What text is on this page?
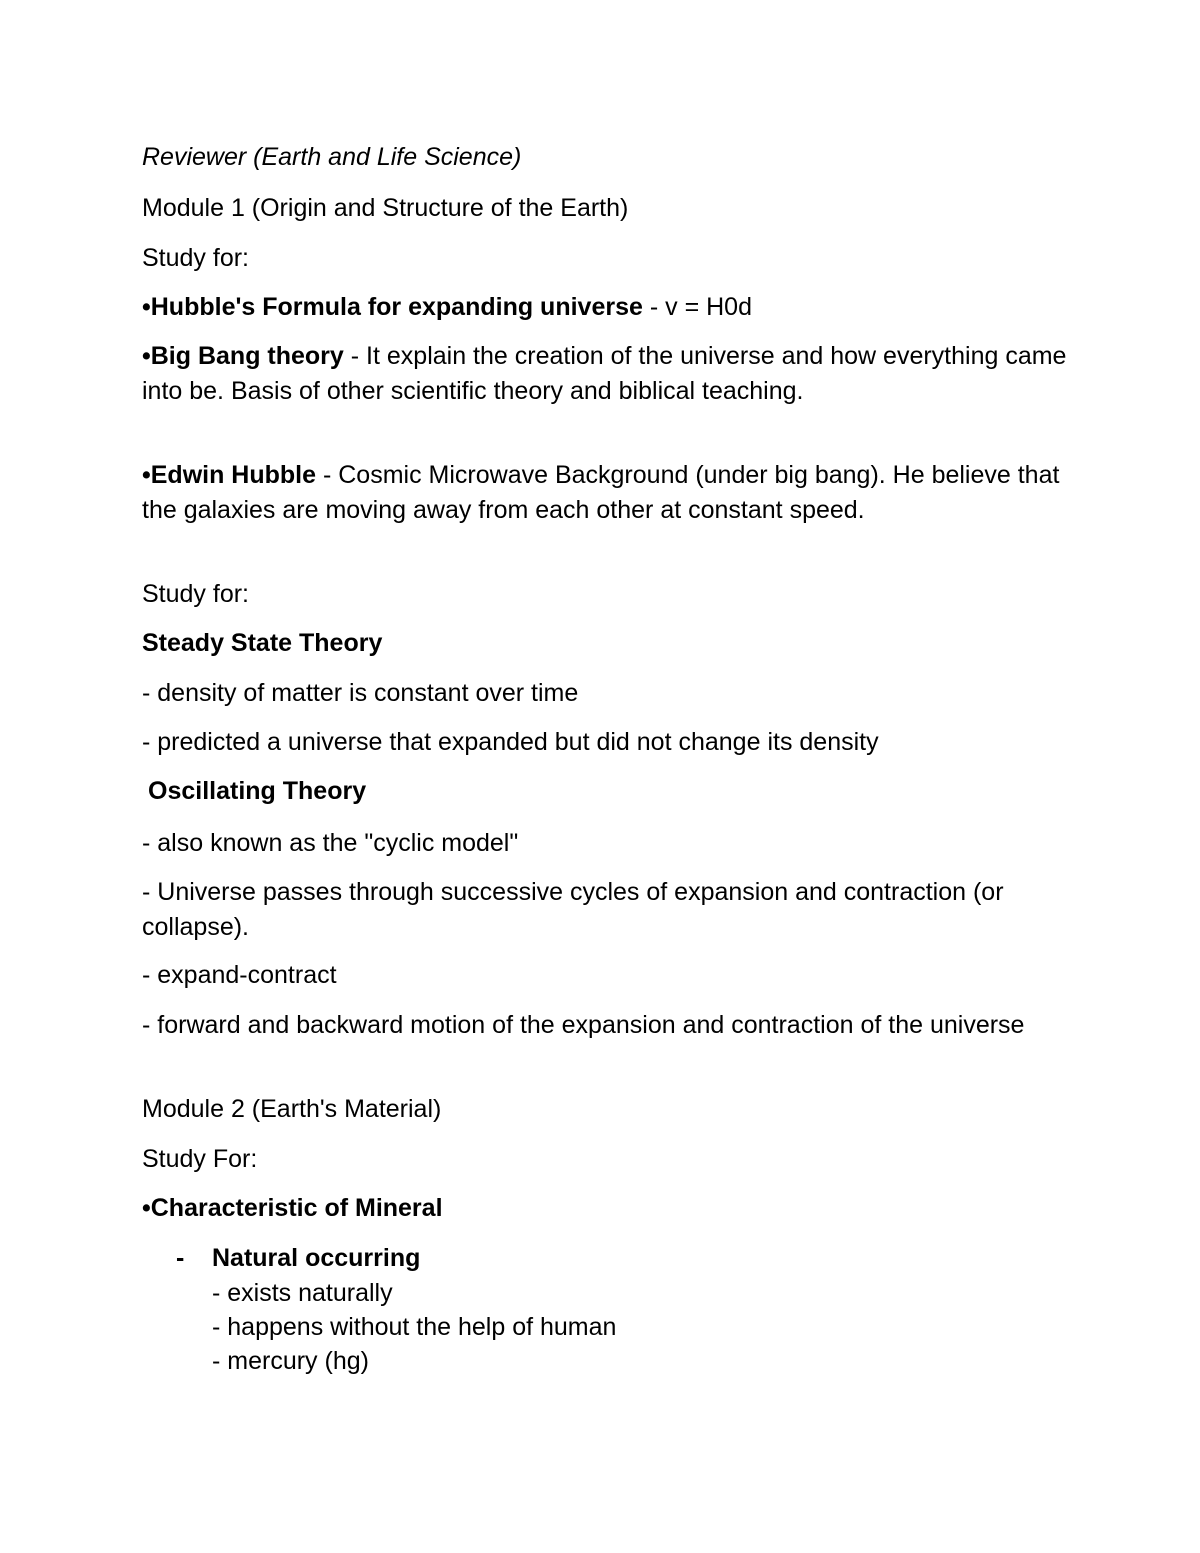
Reviewer (Earth and Life Science)
Module 1 (Origin and Structure of the Earth)
Study for:
•Hubble's Formula for expanding universe - v = H0d
•Big Bang theory - It explain the creation of the universe and how everything came into be. Basis of other scientific theory and biblical teaching.
•Edwin Hubble - Cosmic Microwave Background (under big bang). He believe that the galaxies are moving away from each other at constant speed.
Study for:
Steady State Theory
- density of matter is constant over time
- predicted a universe that expanded but did not change its density
Oscillating Theory
- also known as the "cyclic model"
- Universe passes through successive cycles of expansion and contraction (or collapse).
- expand-contract
- forward and backward motion of the expansion and contraction of the universe
Module 2 (Earth's Material)
Study For:
•Characteristic of Mineral
- Natural occurring
- exists naturally
- happens without the help of human
- mercury (hg)
